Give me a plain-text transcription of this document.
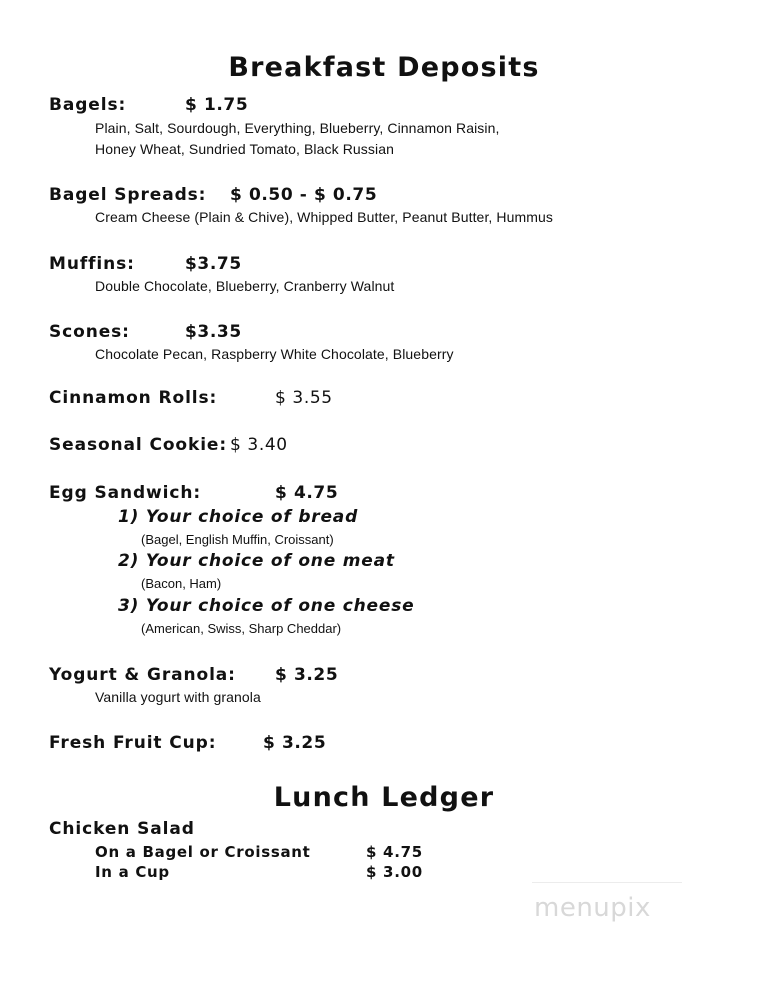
Breakfast Deposits
Bagels:	$ 1.75
Plain, Salt, Sourdough, Everything, Blueberry, Cinnamon Raisin,
Honey Wheat, Sundried Tomato, Black Russian
Bagel Spreads: $ 0.50 - $ 0.75
Cream Cheese (Plain & Chive), Whipped Butter, Peanut Butter, Hummus
Muffins:	$3.75
Double Chocolate, Blueberry, Cranberry Walnut
Scones:	$3.35
Chocolate Pecan, Raspberry White Chocolate, Blueberry
Cinnamon Rolls:	$ 3.55
Seasonal Cookie: $ 3.40
Egg Sandwich:	$ 4.75
1) Your choice of bread
(Bagel, English Muffin, Croissant)
2) Your choice of one meat
(Bacon, Ham)
3) Your choice of one cheese
(American, Swiss, Sharp Cheddar)
Yogurt & Granola: $ 3.25
Vanilla yogurt with granola
Fresh Fruit Cup:	$ 3.25
Lunch Ledger
Chicken Salad
On a Bagel or Croissant	$ 4.75
In a Cup	$ 3.00
menupix
